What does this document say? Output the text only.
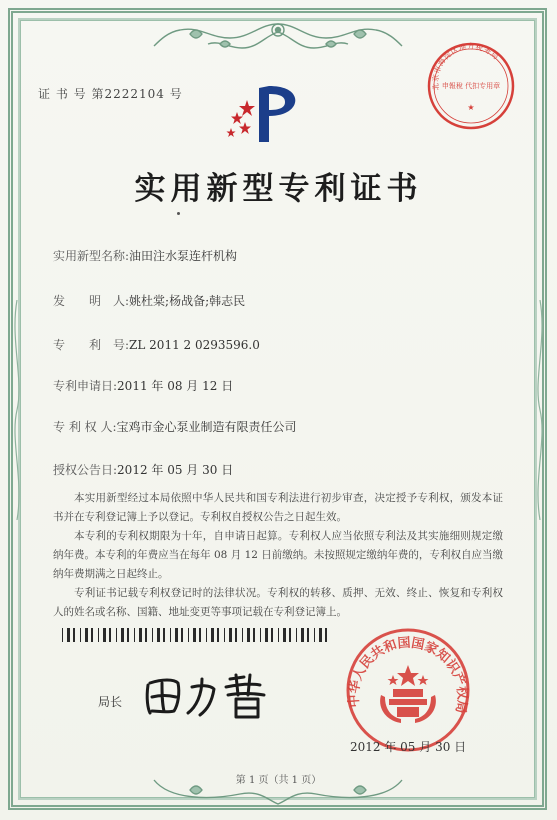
北京市海淀区地方税务局
申報稅 代扣专用章
★
证 书 号 第2222104 号
实用新型专利证书
实用新型名称:油田注水泵连杆机构
发　　明　人:姚杜棠;杨战备;韩志民
专　　利　号:ZL 2011 2 0293596.0
专利申请日:2011 年 08 月 12 日
专 利 权 人:宝鸡市金心泵业制造有限责任公司
授权公告日:2012 年 05 月 30 日

本实用新型经过本局依照中华人民共和国专利法进行初步审查，决定授予专利权，颁发本证书并在专利登记簿上予以登记。专利权自授权公告之日起生效。

本专利的专利权期限为十年，自申请日起算。专利权人应当依照专利法及其实施细则规定缴纳年费。本专利的年费应当在每年 08 月 12 日前缴纳。未按照规定缴纳年费的，专利权自应当缴纳年费期满之日起终止。

专利证书记载专利权登记时的法律状况。专利权的转移、质押、无效、终止、恢复和专利权人的姓名或名称、国籍、地址变更等事项记载在专利登记簿上。

中华人民共和国国家知识产权局
局长
2012 年 05 月 30 日
第 1 页（共 1 页）
